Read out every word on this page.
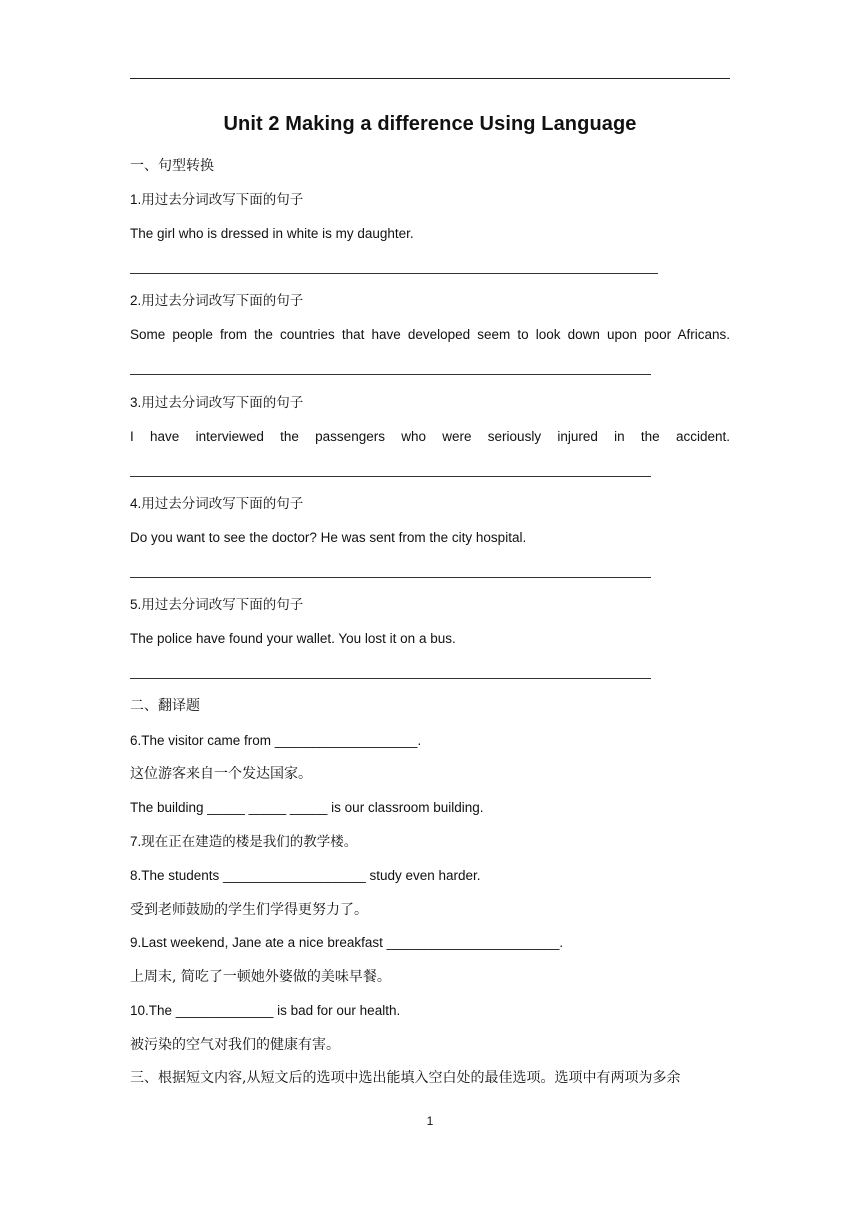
Unit 2 Making a difference Using Language
一、句型转换
1.用过去分词改写下面的句子
The girl who is dressed in white is my daughter.
2.用过去分词改写下面的句子
Some people from the countries that have developed seem to look down upon poor Africans.
3.用过去分词改写下面的句子
I have interviewed the passengers who were seriously injured in the accident.
4.用过去分词改写下面的句子
Do you want to see the doctor? He was sent from the city hospital.
5.用过去分词改写下面的句子
The police have found your wallet. You lost it on a bus.
二、翻译题
6.The visitor came from ___________________.
这位游客来自一个发达国家。
The building _____ _____ _____ is our classroom building.
7.现在正在建造的楼是我们的教学楼。
8.The students ___________________ study even harder.
受到老师鼓励的学生们学得更努力了。
9.Last weekend, Jane ate a nice breakfast _______________________.
上周末, 简吃了一顿她外婆做的美味早餐。
10.The _____________ is bad for our health.
被污染的空气对我们的健康有害。
三、根据短文内容,从短文后的选项中选出能填入空白处的最佳选项。选项中有两项为多余
1
